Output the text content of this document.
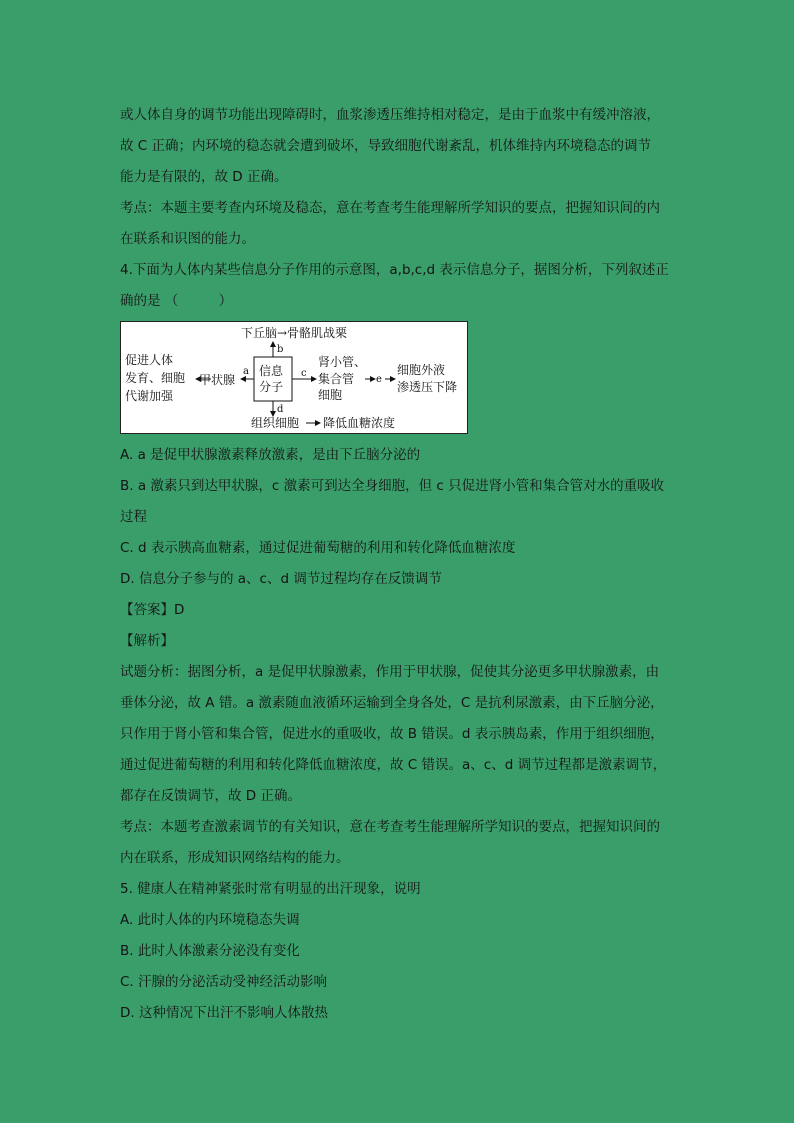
或人体自身的调节功能出现障碍时，血浆渗透压维持相对稳定，是由于血浆中有缓冲溶液，
故 C 正确；内环境的稳态就会遭到破坏，导致细胞代谢紊乱，机体维持内环境稳态的调节
能力是有限的，故 D 正确。
考点：本题主要考查内环境及稳态，意在考查考生能理解所学知识的要点，把握知识间的内
在联系和识图的能力。
4.下面为人体内某些信息分子作用的示意图，a,b,c,d 表示信息分子，据图分析，下列叙述正
确的是 （　　　）
下丘脑→骨骼肌战栗
b
信息
分子
a
甲状腺
促进人体
发育、细胞
代谢加强
c
肾小管、
集合管
细胞
e
细胞外液
渗透压下降
d
组织细胞 降低血糖浓度
A. a 是促甲状腺激素释放激素，是由下丘脑分泌的
B. a 激素只到达甲状腺，c 激素可到达全身细胞，但 c 只促进肾小管和集合管对水的重吸收
过程
C. d 表示胰高血糖素，通过促进葡萄糖的利用和转化降低血糖浓度
D. 信息分子参与的 a、c、d 调节过程均存在反馈调节
【答案】D
【解析】
试题分析：据图分析，a 是促甲状腺激素，作用于甲状腺，促使其分泌更多甲状腺激素，由
垂体分泌，故 A 错。a 激素随血液循环运输到全身各处，C 是抗利尿激素，由下丘脑分泌，
只作用于肾小管和集合管，促进水的重吸收，故 B 错误。d 表示胰岛素，作用于组织细胞，
通过促进葡萄糖的利用和转化降低血糖浓度，故 C 错误。a、c、d 调节过程都是激素调节，
都存在反馈调节，故 D 正确。
考点：本题考查激素调节的有关知识，意在考查考生能理解所学知识的要点，把握知识间的
内在联系，形成知识网络结构的能力。
5. 健康人在精神紧张时常有明显的出汗现象，说明
A. 此时人体的内环境稳态失调
B. 此时人体激素分泌没有变化
C. 汗腺的分泌活动受神经活动影响
D. 这种情况下出汗不影响人体散热
